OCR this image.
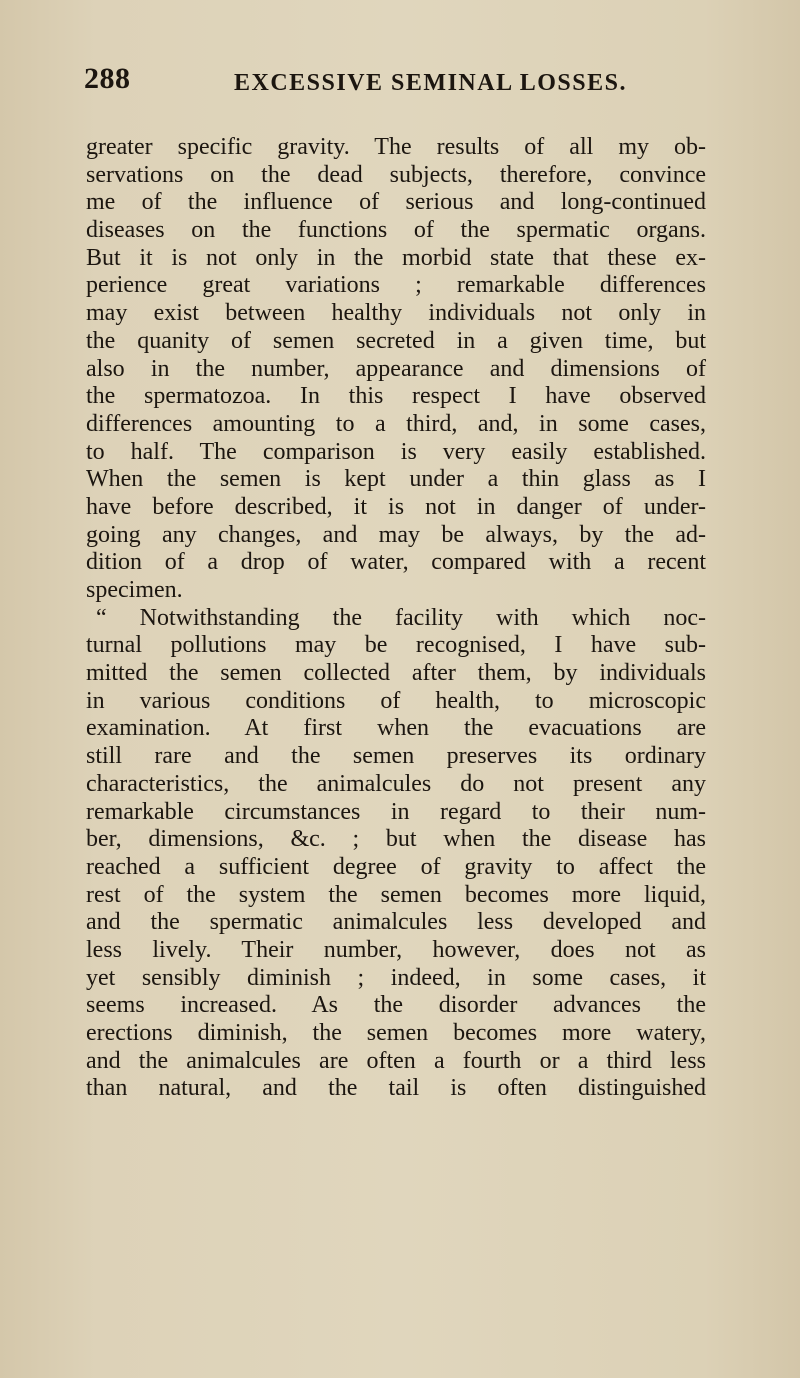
288	EXCESSIVE SEMINAL LOSSES.
greater specific gravity. The results of all my ob-
servations on the dead subjects, therefore, convince
me of the influence of serious and long-continued
diseases on the functions of the spermatic organs.
But it is not only in the morbid state that these ex-
perience great variations ; remarkable differences
may exist between healthy individuals not only in
the quanity of semen secreted in a given time, but
also in the number, appearance and dimensions of
the spermatozoa. In this respect I have observed
differences amounting to a third, and, in some cases,
to half. The comparison is very easily established.
When the semen is kept under a thin glass as I
have before described, it is not in danger of under-
going any changes, and may be always, by the ad-
dition of a drop of water, compared with a recent
specimen.
“ Notwithstanding the facility with which noc-
turnal pollutions may be recognised, I have sub-
mitted the semen collected after them, by individuals
in various conditions of health, to microscopic
examination. At first when the evacuations are
still rare and the semen preserves its ordinary
characteristics, the animalcules do not present any
remarkable circumstances in regard to their num-
ber, dimensions, &c. ; but when the disease has
reached a sufficient degree of gravity to affect the
rest of the system the semen becomes more liquid,
and the spermatic animalcules less developed and
less lively. Their number, however, does not as
yet sensibly diminish ; indeed, in some cases, it
seems increased. As the disorder advances the
erections diminish, the semen becomes more watery,
and the animalcules are often a fourth or a third less
than natural, and the tail is often distinguished
